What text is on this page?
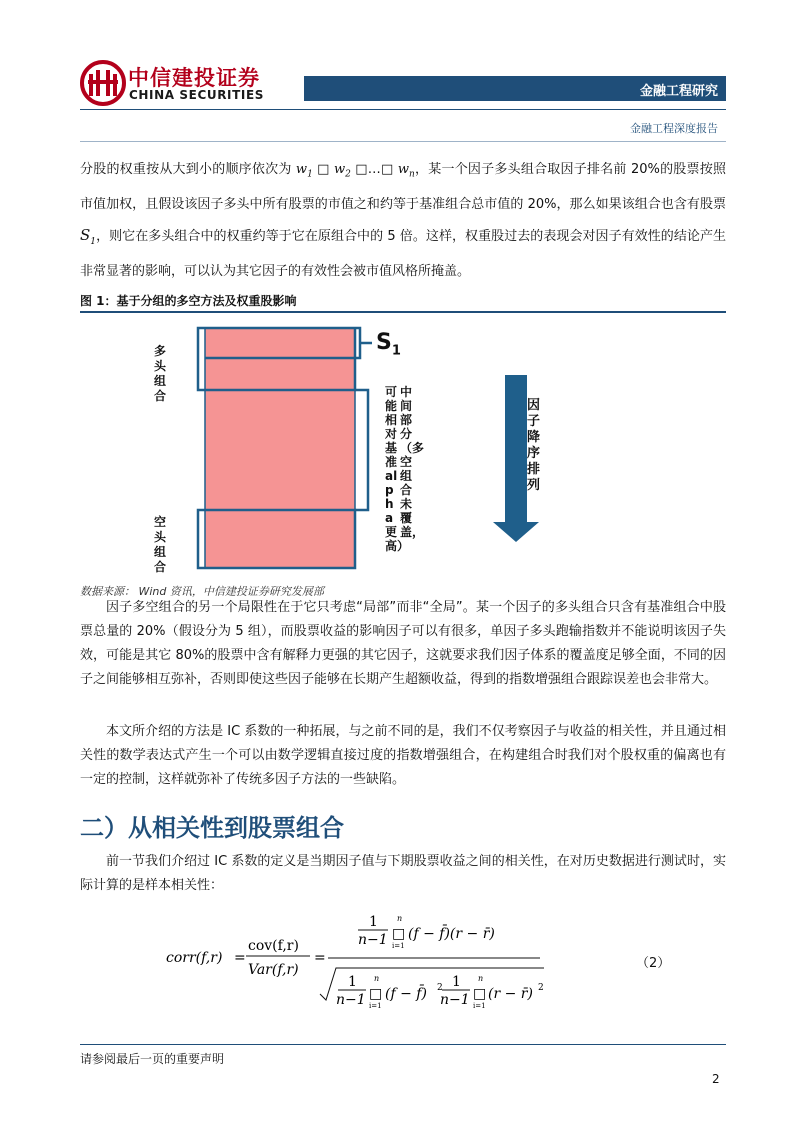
中信建投证券
CHINA SECURITIES	金融工程研究
金融工程深度报告

分股的权重按从大到小的顺序依次为 $w_1$ □ $w_2$ □…□ $w_n$，某一个因子多头组合取因子排名前 20%的股票按照市值加权，且假设该因子多头中所有股票的市值之和约等于基准组合总市值的 20%，那么如果该组合也含有股票 $S_1$，则它在多头组合中的权重约等于它在原组合中的 5 倍。这样，权重股过去的表现会对因子有效性的结论产生非常显著的影响，可以认为其它因子的有效性会被市值风格所掩盖。

图 1：基于分组的多空方法及权重股影响
多头组合
空头组合
$S_1$
中间部分（多空组合未覆盖，
可能相对基准alpha更高）
因子降序排列
数据来源： Wind 资讯，中信建投证券研究发展部
因子多空组合的另一个局限性在于它只考虑“局部”而非“全局”。某一个因子的多头组合只含有基准组合中股票总量的 20%（假设分为 5 组），而股票收益的影响因子可以有很多，单因子多头跑输指数并不能说明该因子失效，可能是其它 80%的股票中含有解释力更强的其它因子，这就要求我们因子体系的覆盖度足够全面，不同的因子之间能够相互弥补，否则即使这些因子能够在长期产生超额收益，得到的指数增强组合跟踪误差也会非常大。
本文所介绍的方法是 IC 系数的一种拓展，与之前不同的是，我们不仅考察因子与收益的相关性，并且通过相关性的数学表达式产生一个可以由数学逻辑直接过度的指数增强组合，在构建组合时我们对个股权重的偏离也有一定的控制，这样就弥补了传统多因子方法的一些缺陷。
二）从相关性到股票组合
前一节我们介绍过 IC 系数的定义是当期因子值与下期股票收益之间的相关性，在对历史数据进行测试时，实际计算的是样本相关性：
corr(f,r) =
cov(f,r)
Var(f,r)
=
1
n−1
n
□
i=1
(f − f̄)(r − r̄)
1
n−1
n
□
i=1
(f − f̄) 2 1
n−1
n
□
i=1
(r − r̄) 2
（2）
请参阅最后一页的重要声明
2
